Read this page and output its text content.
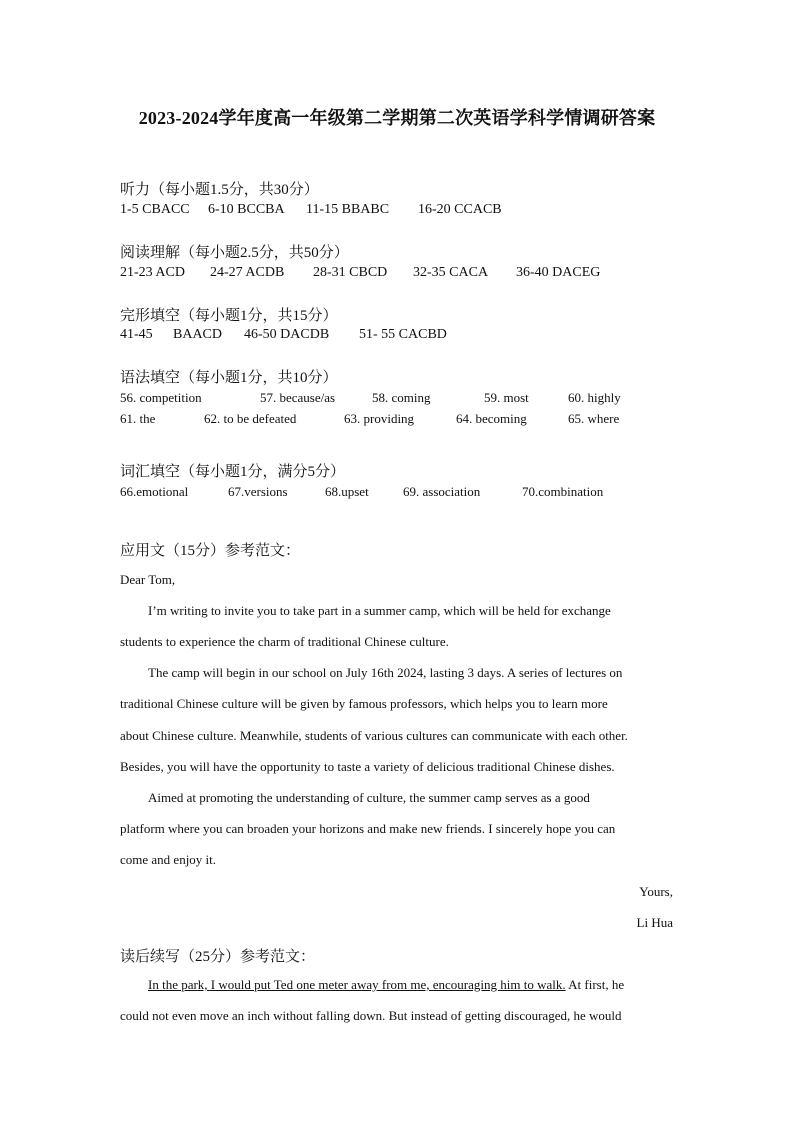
2023-2024学年度高一年级第二学期第二次英语学科学情调研答案
听力（每小题1.5分，共30分）
1-5 CBACC 6-10 BCCBA 11-15 BBABC 16-20 CCACB
阅读理解（每小题2.5分，共50分）
21-23 ACD 24-27 ACDB 28-31 CBCD 32-35 CACA 36-40 DACEG
完形填空（每小题1分，共15分）
41-45 BAACD 46-50 DACDB 51- 55 CACBD
语法填空（每小题1分，共10分）
56. competition	57. because/as	58. coming	59. most	60. highly
61. the	62. to be defeated	63. providing	64. becoming	65. where
词汇填空（每小题1分，满分5分）
66.emotional	67.versions	68.upset	69. association	70.combination
应用文（15分）参考范文：

Dear Tom,

I’m writing to invite you to take part in a summer camp, which will be held for exchange

students to experience the charm of traditional Chinese culture.

The camp will begin in our school on July 16th 2024, lasting 3 days. A series of lectures on

traditional Chinese culture will be given by famous professors, which helps you to learn more

about Chinese culture. Meanwhile, students of various cultures can communicate with each other.

Besides, you will have the opportunity to taste a variety of delicious traditional Chinese dishes.

Aimed at promoting the understanding of culture, the summer camp serves as a good

platform where you can broaden your horizons and make new friends. I sincerely hope you can

come and enjoy it.

Yours,

Li Hua

读后续写（25分）参考范文：

In the park, I would put Ted one meter away from me, encouraging him to walk. At first, he

could not even move an inch without falling down. But instead of getting discouraged, he would
